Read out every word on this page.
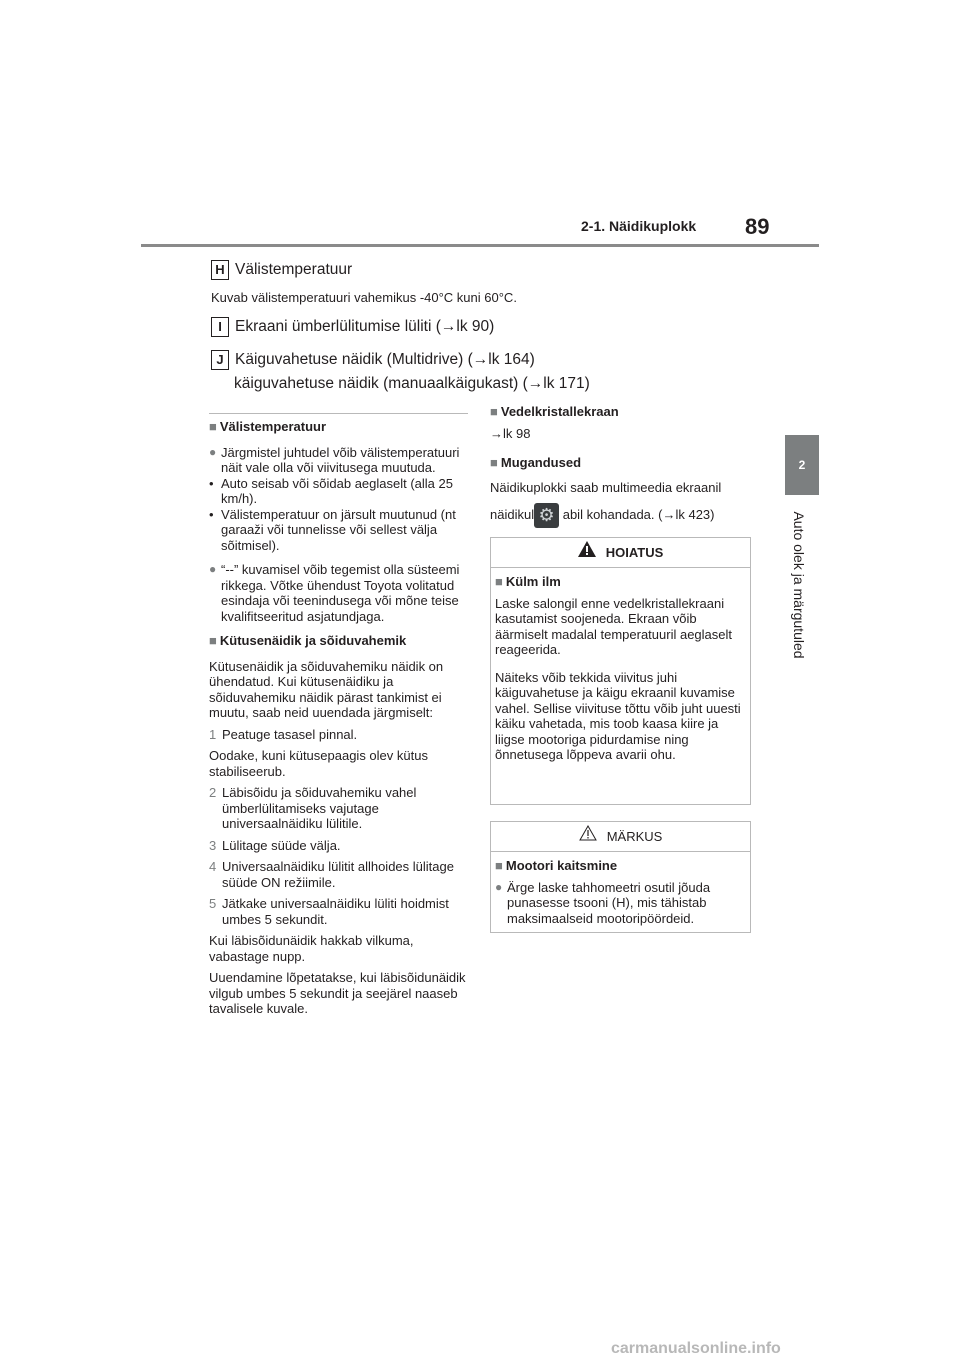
2-1. Näidikuplokk 89
2
Auto olek ja märgutuled
H Välistemperatuur
Kuvab välistemperatuuri vahemikus -40°C kuni 60°C.
I Ekraani ümberlülitumise lüliti (→lk 90)
J Käiguvahetuse näidik (Multidrive) (→lk 164)
käiguvahetuse näidik (manuaalkäigukast) (→lk 171)
■ Välistemperatuur
● Järgmistel juhtudel võib välistemperatuuri näit vale olla või viivitusega muutuda.
• Auto seisab või sõidab aeglaselt (alla 25 km/h).
• Välistemperatuur on järsult muutunud (nt garaaži või tunnelisse või sellest välja sõitmisel).
● “--” kuvamisel võib tegemist olla süsteemi rikkega. Võtke ühendust Toyota volitatud esindaja või teenindusega või mõne teise kvalifitseeritud asjatundjaga.
■ Kütusenäidik ja sõiduvahemik

Kütusenäidik ja sõiduvahemiku näidik on ühendatud. Kui kütusenäidiku ja sõiduvahemiku näidik pärast tankimist ei muutu, saab neid uuendada järgmiselt:

1 Peatuge tasasel pinnal.

Oodake, kuni kütusepaagis olev kütus stabiliseerub.

2 Läbisõidu ja sõiduvahemiku vahel ümberlülitamiseks vajutage universaalnäidiku lülitile.
3 Lülitage süüde välja.
4 Universaalnäidiku lülitit allhoides lülitage süüde ON režiimile.
5 Jätkake universaalnäidiku lüliti hoidmist umbes 5 sekundit.

Kui läbisõidunäidik hakkab vilkuma, vabastage nupp.

Uuendamine lõpetatakse, kui läbisõidunäidik vilgub umbes 5 sekundit ja seejärel naaseb tavalisele kuvale.

■ Vedelkristallekraan

→lk 98

■ Mugandused

Näidikuplokki saab multimeedia ekraanil

näidikul ⚙ abil kohandada. (→lk 423)

HOIATUS
■ Külm ilm

Laske salongil enne vedelkristallekraani kasutamist soojeneda. Ekraan võib äärmiselt madalal temperatuuril aeglaselt reageerida.

Näiteks võib tekkida viivitus juhi käiguvahetuse ja käigu ekraanil kuvamise vahel. Sellise viivituse tõttu võib juht uuesti käiku vahetada, mis toob kaasa kiire ja liigse mootoriga pidurdamise ning õnnetusega lõppeva avarii ohu.

MÄRKUS
■ Mootori kaitsmine
● Ärge laske tahhomeetri osutil jõuda punasesse tsooni (H), mis tähistab maksimaalseid mootoripöördeid.
carmanualsonline.info
